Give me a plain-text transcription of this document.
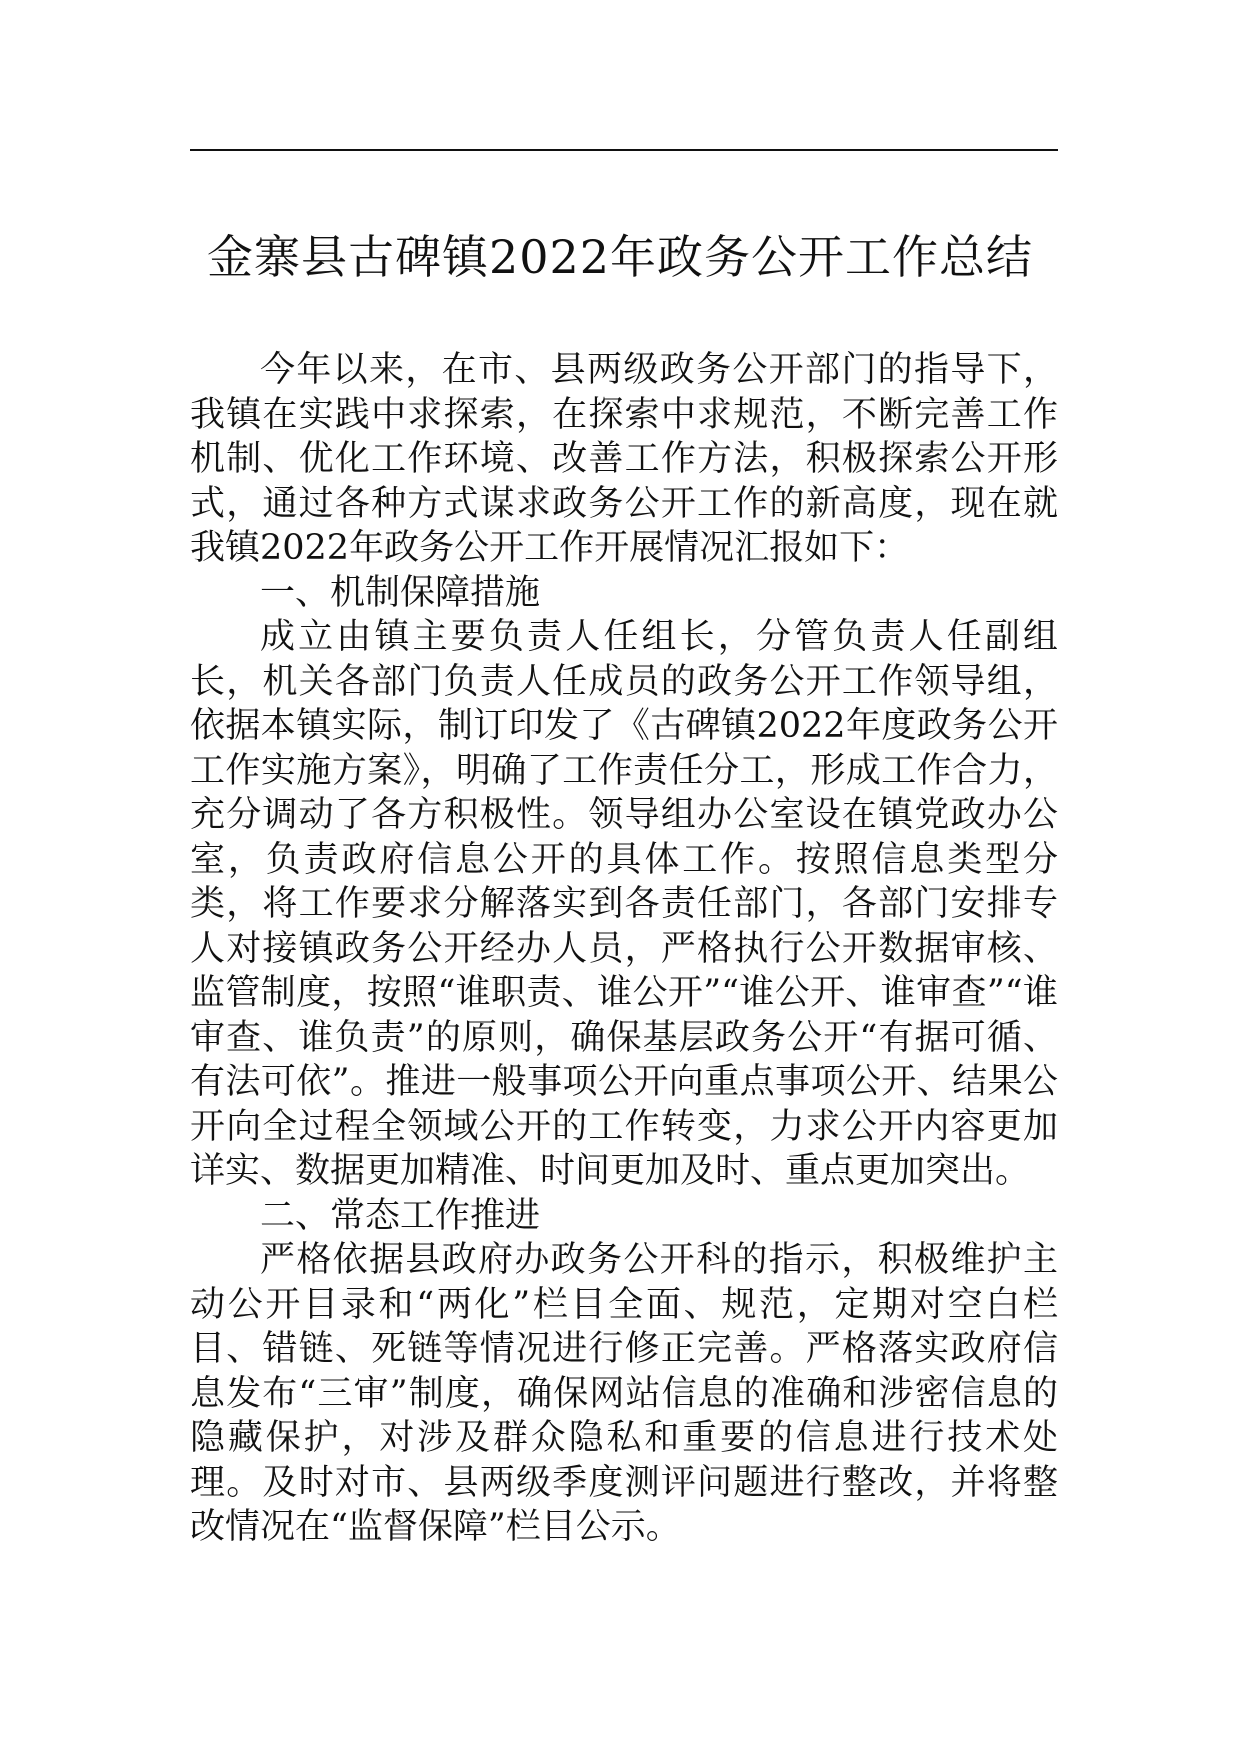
金寨县古碑镇2022年政务公开工作总结

今年以来，在市、县两级政务公开部门的指导下，我镇在实践中求探索，在探索中求规范，不断完善工作机制、优化工作环境、改善工作方法，积极探索公开形式，通过各种方式谋求政务公开工作的新高度，现在就我镇2022年政务公开工作开展情况汇报如下：

一、机制保障措施

成立由镇主要负责人任组长，分管负责人任副组长，机关各部门负责人任成员的政务公开工作领导组，依据本镇实际，制订印发了《古碑镇2022年度政务公开工作实施方案》，明确了工作责任分工，形成工作合力，充分调动了各方积极性。领导组办公室设在镇党政办公室，负责政府信息公开的具体工作。按照信息类型分类，将工作要求分解落实到各责任部门，各部门安排专人对接镇政务公开经办人员，严格执行公开数据审核、监管制度，按照“谁职责、谁公开”“谁公开、谁审查”“谁审查、谁负责”的原则，确保基层政务公开“有据可循、有法可依”。推进一般事项公开向重点事项公开、结果公开向全过程全领域公开的工作转变，力求公开内容更加详实、数据更加精准、时间更加及时、重点更加突出。

二、常态工作推进

严格依据县政府办政务公开科的指示，积极维护主动公开目录和“两化”栏目全面、规范，定期对空白栏目、错链、死链等情况进行修正完善。严格落实政府信息发布“三审”制度，确保网站信息的准确和涉密信息的隐藏保护，对涉及群众隐私和重要的信息进行技术处理。及时对市、县两级季度测评问题进行整改，并将整改情况在“监督保障”栏目公示。
